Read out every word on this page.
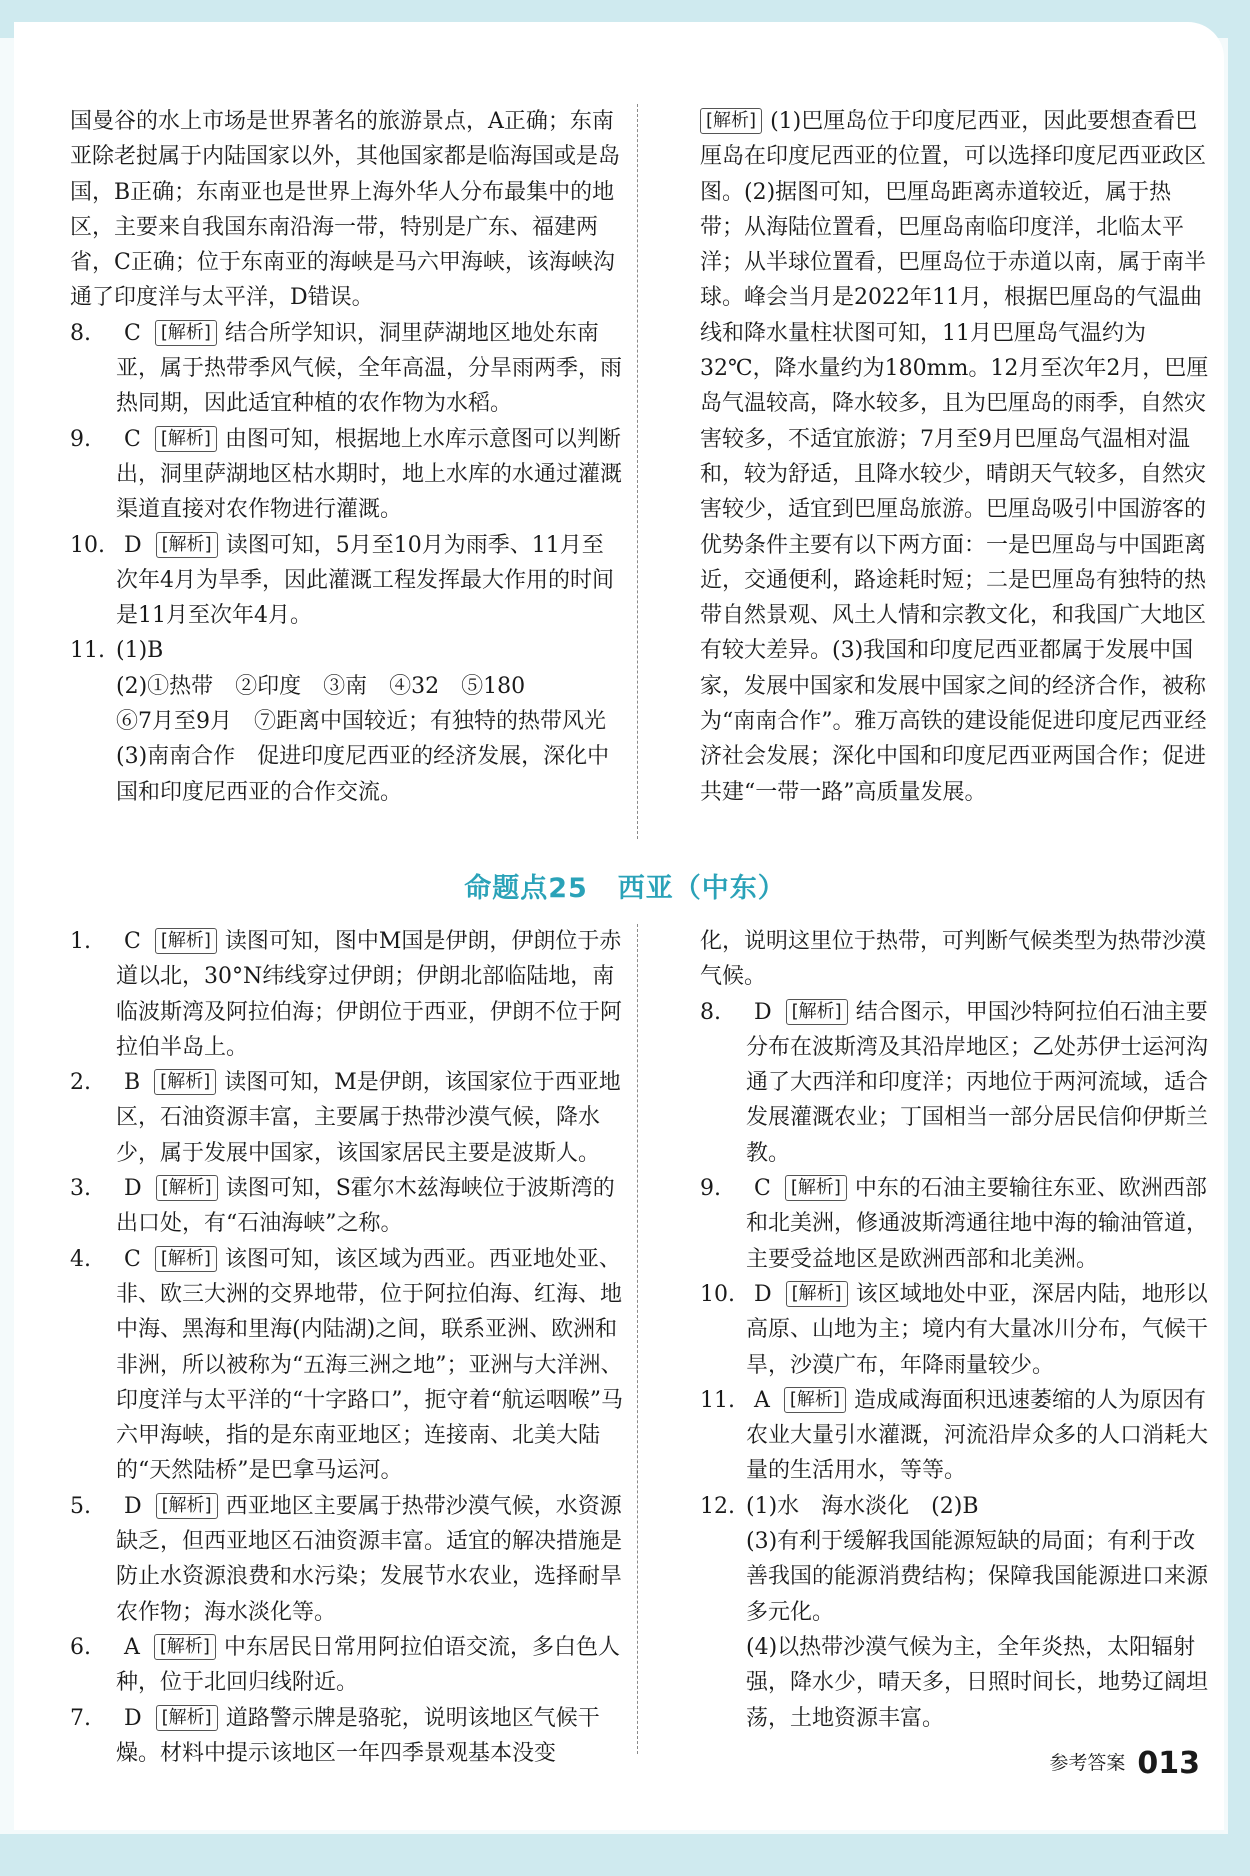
国曼谷的水上市场是世界著名的旅游景点，A正确；东南亚除老挝属于内陆国家以外，其他国家都是临海国或是岛国，B正确；东南亚也是世界上海外华人分布最集中的地区，主要来自我国东南沿海一带，特别是广东、福建两省，C正确；位于东南亚的海峡是马六甲海峡，该海峡沟通了印度洋与太平洋，D错误。

8. C [解析] 结合所学知识，洞里萨湖地区地处东南亚，属于热带季风气候，全年高温，分旱雨两季，雨热同期，因此适宜种植的农作物为水稻。

9. C [解析] 由图可知，根据地上水库示意图可以判断出，洞里萨湖地区枯水期时，地上水库的水通过灌溉渠道直接对农作物进行灌溉。

10. D [解析] 读图可知，5月至10月为雨季、11月至次年4月为旱季，因此灌溉工程发挥最大作用的时间是11月至次年4月。

11. (1)B
(2)①热带　②印度　③南　④32　⑤180
⑥7月至9月　⑦距离中国较近；有独特的热带风光
(3)南南合作　促进印度尼西亚的经济发展，深化中国和印度尼西亚的合作交流。

[解析] (1)巴厘岛位于印度尼西亚，因此要想查看巴厘岛在印度尼西亚的位置，可以选择印度尼西亚政区图。(2)据图可知，巴厘岛距离赤道较近，属于热带；从海陆位置看，巴厘岛南临印度洋，北临太平洋；从半球位置看，巴厘岛位于赤道以南，属于南半球。峰会当月是2022年11月，根据巴厘岛的气温曲线和降水量柱状图可知，11月巴厘岛气温约为32℃，降水量约为180mm。12月至次年2月，巴厘岛气温较高，降水较多，且为巴厘岛的雨季，自然灾害较多，不适宜旅游；7月至9月巴厘岛气温相对温和，较为舒适，且降水较少，晴朗天气较多，自然灾害较少，适宜到巴厘岛旅游。巴厘岛吸引中国游客的优势条件主要有以下两方面：一是巴厘岛与中国距离近，交通便利，路途耗时短；二是巴厘岛有独特的热带自然景观、风土人情和宗教文化，和我国广大地区有较大差异。(3)我国和印度尼西亚都属于发展中国家，发展中国家和发展中国家之间的经济合作，被称为“南南合作”。雅万高铁的建设能促进印度尼西亚经济社会发展；深化中国和印度尼西亚两国合作；促进共建“一带一路”高质量发展。

命题点25 西亚（中东）

1. C [解析] 读图可知，图中M国是伊朗，伊朗位于赤道以北，30°N纬线穿过伊朗；伊朗北部临陆地，南临波斯湾及阿拉伯海；伊朗位于西亚，伊朗不位于阿拉伯半岛上。

2. B [解析] 读图可知，M是伊朗，该国家位于西亚地区，石油资源丰富，主要属于热带沙漠气候，降水少，属于发展中国家，该国家居民主要是波斯人。

3. D [解析] 读图可知，S霍尔木兹海峡位于波斯湾的出口处，有“石油海峡”之称。

4. C [解析] 该图可知，该区域为西亚。西亚地处亚、非、欧三大洲的交界地带，位于阿拉伯海、红海、地中海、黑海和里海(内陆湖)之间，联系亚洲、欧洲和非洲，所以被称为“五海三洲之地”；亚洲与大洋洲、印度洋与太平洋的“十字路口”，扼守着“航运咽喉”马六甲海峡，指的是东南亚地区；连接南、北美大陆的“天然陆桥”是巴拿马运河。

5. D [解析] 西亚地区主要属于热带沙漠气候，水资源缺乏，但西亚地区石油资源丰富。适宜的解决措施是防止水资源浪费和水污染；发展节水农业，选择耐旱农作物；海水淡化等。

6. A [解析] 中东居民日常用阿拉伯语交流，多白色人种，位于北回归线附近。

7. D [解析] 道路警示牌是骆驼，说明该地区气候干燥。材料中提示该地区一年四季景观基本没变

化，说明这里位于热带，可判断气候类型为热带沙漠气候。

8. D [解析] 结合图示，甲国沙特阿拉伯石油主要分布在波斯湾及其沿岸地区；乙处苏伊士运河沟通了大西洋和印度洋；丙地位于两河流域，适合发展灌溉农业；丁国相当一部分居民信仰伊斯兰教。

9. C [解析] 中东的石油主要输往东亚、欧洲西部和北美洲，修通波斯湾通往地中海的输油管道，主要受益地区是欧洲西部和北美洲。

10. D [解析] 该区域地处中亚，深居内陆，地形以高原、山地为主；境内有大量冰川分布，气候干旱，沙漠广布，年降雨量较少。

11. A [解析] 造成咸海面积迅速萎缩的人为原因有农业大量引水灌溉，河流沿岸众多的人口消耗大量的生活用水，等等。

12. (1)水　海水淡化　(2)B
(3)有利于缓解我国能源短缺的局面；有利于改善我国的能源消费结构；保障我国能源进口来源多元化。
(4)以热带沙漠气候为主，全年炎热，太阳辐射强，降水少，晴天多，日照时间长，地势辽阔坦荡，土地资源丰富。
参考答案 013
